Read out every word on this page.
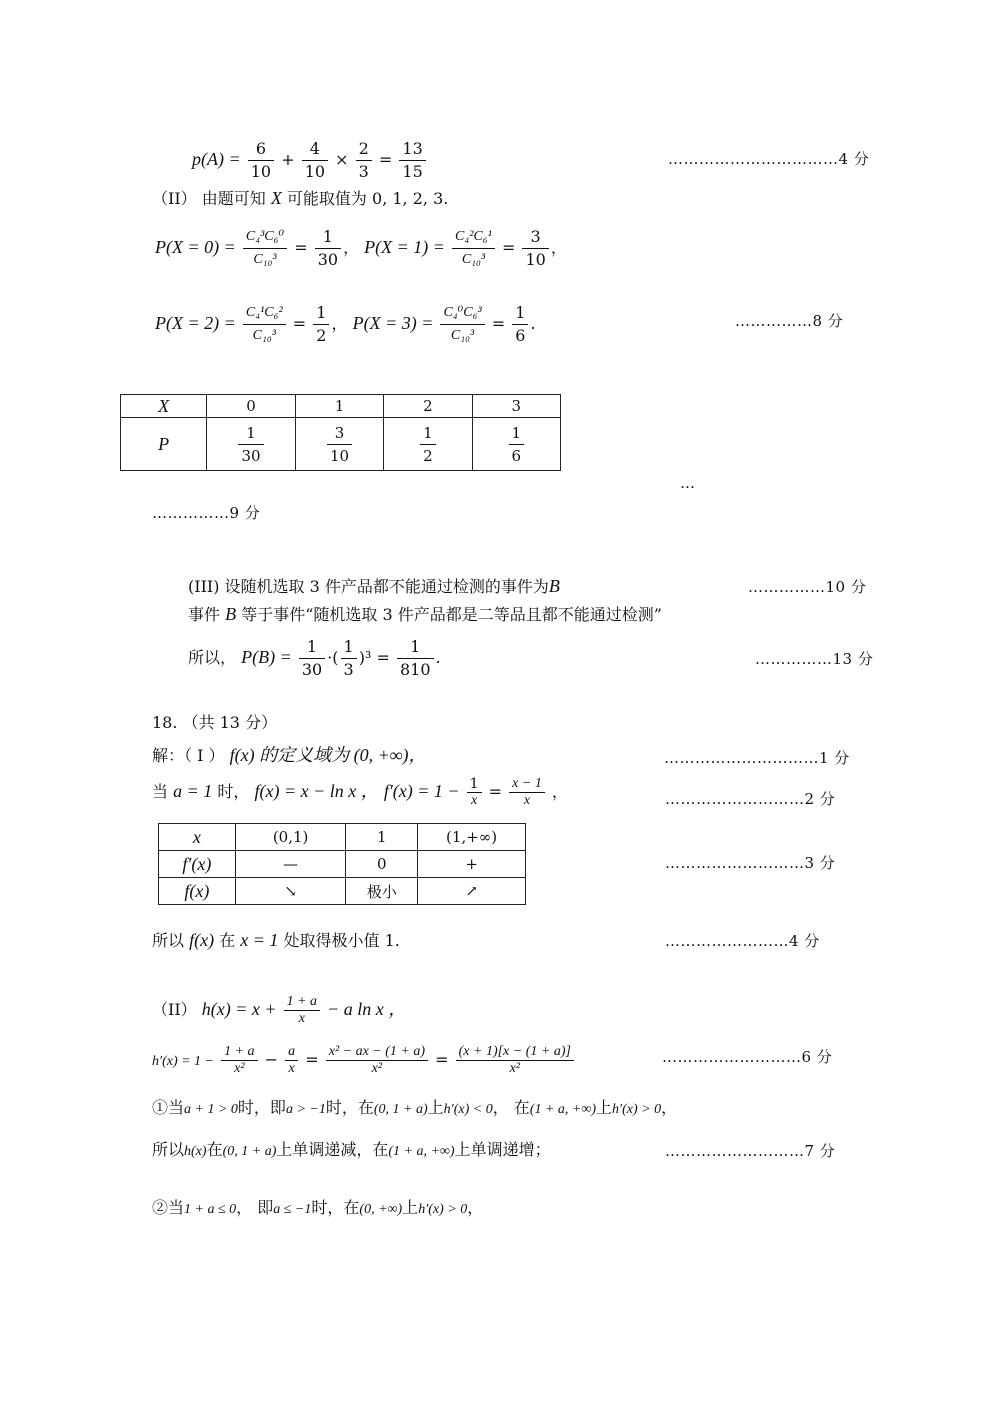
$p(A) = \frac{6}{10} + \frac{4}{10} \times \frac{2}{3} = \frac{13}{15}$	……………………………4 分
（II） 由题可知 X 可能取值为 0, 1, 2, 3.
$P(X = 0) = \frac{\text{C₄³C₆⁰}}{\text{C₁₀³}} = \frac{1}{30}$ ， $P(X = 1) = \frac{\text{C₄²C₆¹}}{\text{C₁₀³}} = \frac{3}{10}$ ，
$P(X = 2) = \frac{\text{C₄¹C₆²}}{\text{C₁₀³}} = \frac{1}{2}$ ， $P(X = 3) = \frac{\text{C₄⁰C₆³}}{\text{C₁₀³}} = \frac{1}{6}$ .	……………8 分
X	0	1	2	3
P	$\frac{1}{30}$	$\frac{3}{10}$	$\frac{1}{2}$	$\frac{1}{6}$
…
……………9 分
(III) 设随机选取 3 件产品都不能通过检测的事件为B	……………10 分
事件 B 等于事件“随机选取 3 件产品都是二等品且都不能通过检测”
所以， $P(B) = \frac{1}{30}$ ·( $\frac{1}{3} )^3 = \frac{1}{810}$ .	……………13 分
18. （共 13 分）
解：（ I ） f(x) 的定义域为 (0, +∞)，	…………………………1 分
当 a = 1 时， f(x) = x − ln x ， $f'(x) = 1 - \frac{1}{x} = \frac{x - 1}{x}$ ，	………………………2 分
x	(0,1)	1	(1,+∞)
f′(x)	—	0	+
f(x)	↘	极小	↗
………………………3 分
所以 f(x) 在 x = 1 处取得极小值 1.	……………………4 分
（II） $h(x) = x + \frac{1 + a}{x} - a$ ln x ，
$h'(x) = 1 - \frac{1 + a}{\text{x²}} - \frac{a}{x} = \frac{\text{x² − ax − (1 + a)}}{\text{x²}} = \frac{(x + 1)[x - (1 + a)]}{\text{x²}}$	………………………6 分
①当a + 1 > 0时，即a > −1时，在(0, 1 + a)上h′(x) < 0， 在(1 + a, +∞)上h′(x) > 0，
所以h(x)在(0, 1 + a)上单调递减，在(1 + a, +∞)上单调递增；	………………………7 分
②当1 + a ≤ 0， 即a ≤ −1时，在(0, +∞)上h′(x) > 0，
